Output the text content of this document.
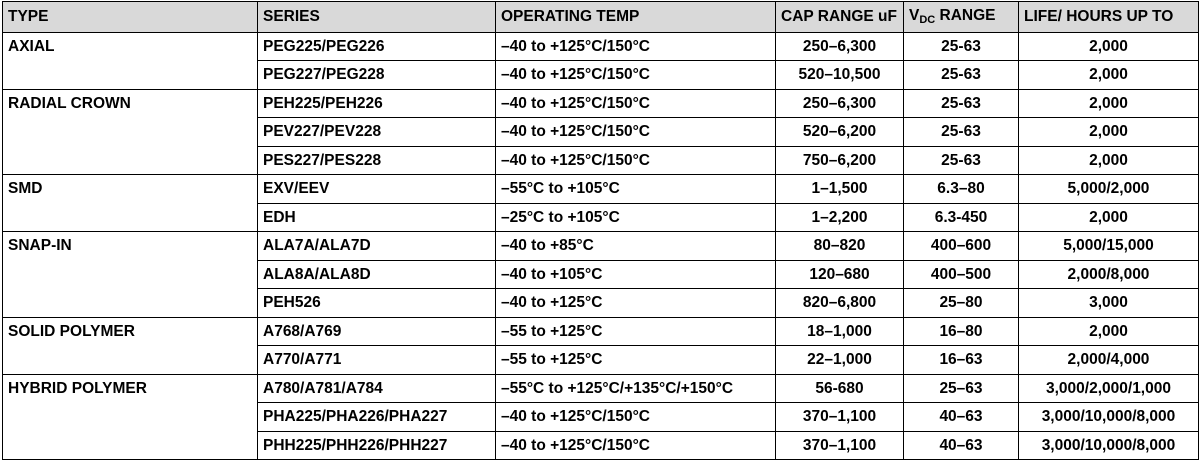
TYPE	SERIES	OPERATING TEMP	CAP RANGE uF	$V_{DC}$ RANGE	LIFE/ HOURS UP TO
AXIAL	PEG225/PEG226	–40 to +125°C/150°C	250–6,300	25-63	2,000
	PEG227/PEG228	–40 to +125°C/150°C	520–10,500	25-63	2,000
RADIAL CROWN	PEH225/PEH226	–40 to +125°C/150°C	250–6,300	25-63	2,000
	PEV227/PEV228	–40 to +125°C/150°C	520–6,200	25-63	2,000
	PES227/PES228	–40 to +125°C/150°C	750–6,200	25-63	2,000
SMD	EXV/EEV	–55°C to +105°C	1–1,500	6.3–80	5,000/2,000
	EDH	–25°C to +105°C	1–2,200	6.3-450	2,000
SNAP-IN	ALA7A/ALA7D	–40 to +85°C	80–820	400–600	5,000/15,000
	ALA8A/ALA8D	–40 to +105°C	120–680	400–500	2,000/8,000
	PEH526	–40 to +125°C	820–6,800	25–80	3,000
SOLID POLYMER	A768/A769	–55 to +125°C	18–1,000	16–80	2,000
	A770/A771	–55 to +125°C	22–1,000	16–63	2,000/4,000
HYBRID POLYMER	A780/A781/A784	–55°C to +125°C/+135°C/+150°C	56-680	25–63	3,000/2,000/1,000
	PHA225/PHA226/PHA227	–40 to +125°C/150°C	370–1,100	40–63	3,000/10,000/8,000
	PHH225/PHH226/PHH227	–40 to +125°C/150°C	370–1,100	40–63	3,000/10,000/8,000
